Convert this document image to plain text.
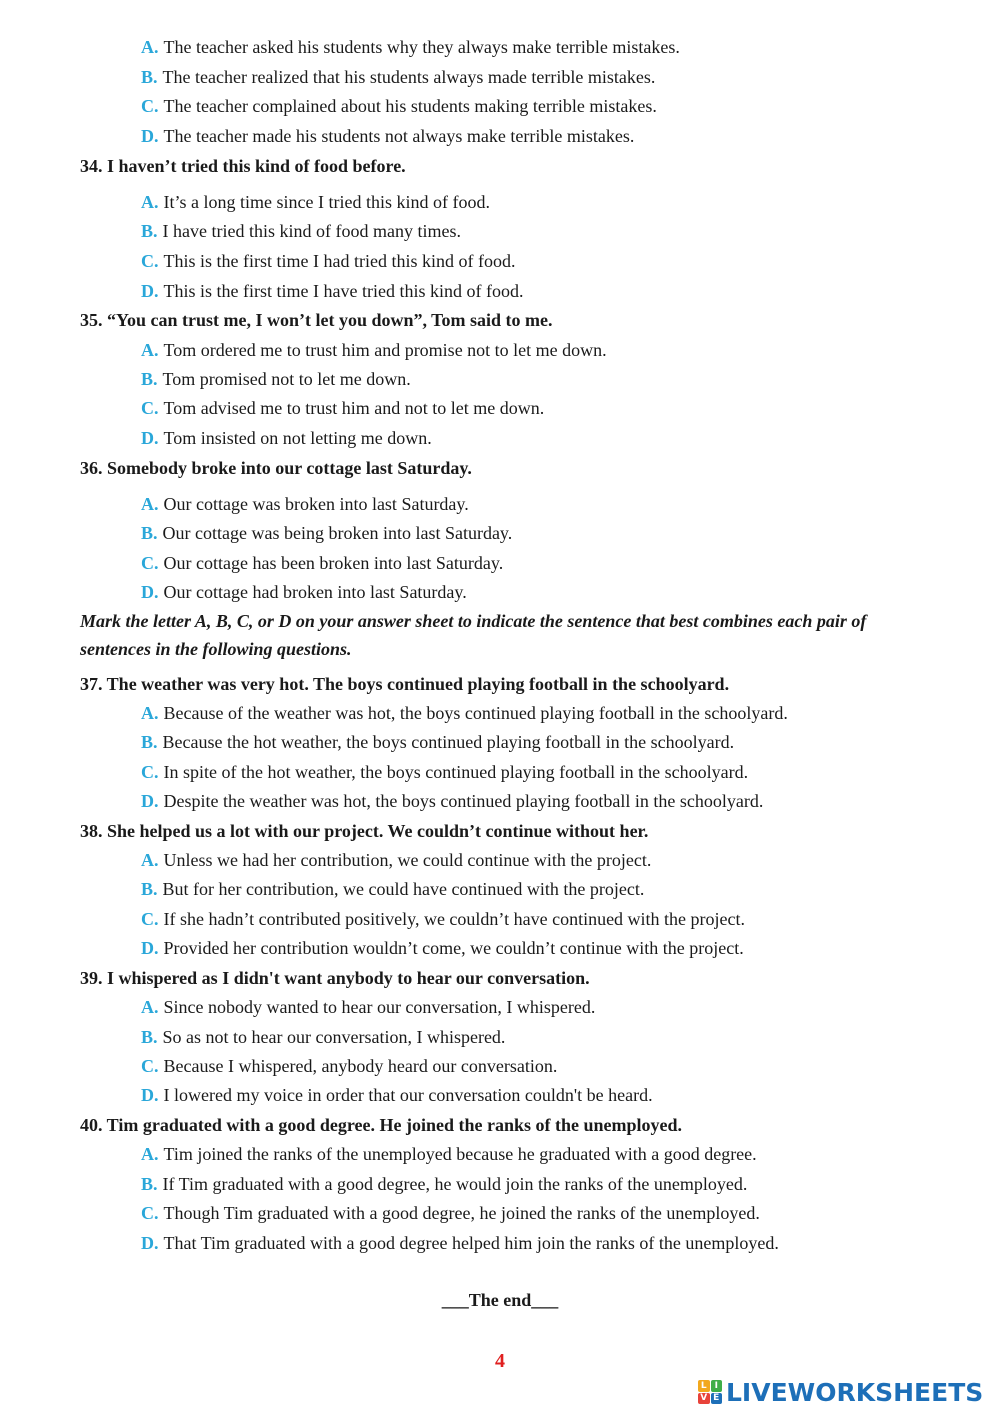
A. The teacher asked his students why they always make terrible mistakes.
B. The teacher realized that his students always made terrible mistakes.
C. The teacher complained about his students making terrible mistakes.
D. The teacher made his students not always make terrible mistakes.
34. I haven’t tried this kind of food before.
A. It’s a long time since I tried this kind of food.
B. I have tried this kind of food many times.
C. This is the first time I had tried this kind of food.
D. This is the first time I have tried this kind of food.
35. “You can trust me, I won’t let you down”, Tom said to me.
A. Tom ordered me to trust him and promise not to let me down.
B. Tom promised not to let me down.
C. Tom advised me to trust him and not to let me down.
D. Tom insisted on not letting me down.
36. Somebody broke into our cottage last Saturday.
A. Our cottage was broken into last Saturday.
B. Our cottage was being broken into last Saturday.
C. Our cottage has been broken into last Saturday.
D. Our cottage had broken into last Saturday.
Mark the letter A, B, C, or D on your answer sheet to indicate the sentence that best combines each pair of sentences in the following questions.
37. The weather was very hot. The boys continued playing football in the schoolyard.
A. Because of the weather was hot, the boys continued playing football in the schoolyard.
B. Because the hot weather, the boys continued playing football in the schoolyard.
C. In spite of the hot weather, the boys continued playing football in the schoolyard.
D. Despite the weather was hot, the boys continued playing football in the schoolyard.
38. She helped us a lot with our project. We couldn’t continue without her.
A. Unless we had her contribution, we could continue with the project.
B. But for her contribution, we could have continued with the project.
C. If she hadn’t contributed positively, we couldn’t have continued with the project.
D. Provided her contribution wouldn’t come, we couldn’t continue with the project.
39. I whispered as I didn't want anybody to hear our conversation.
A. Since nobody wanted to hear our conversation, I whispered.
B. So as not to hear our conversation, I whispered.
C. Because I whispered, anybody heard our conversation.
D. I lowered my voice in order that our conversation couldn't be heard.
40. Tim graduated with a good degree. He joined the ranks of the unemployed.
A. Tim joined the ranks of the unemployed because he graduated with a good degree.
B. If Tim graduated with a good degree, he would join the ranks of the unemployed.
C. Though Tim graduated with a good degree, he joined the ranks of the unemployed.
D. That Tim graduated with a good degree helped him join the ranks of the unemployed.
___The end___
4
L I
V E LIVEWORKSHEETS
